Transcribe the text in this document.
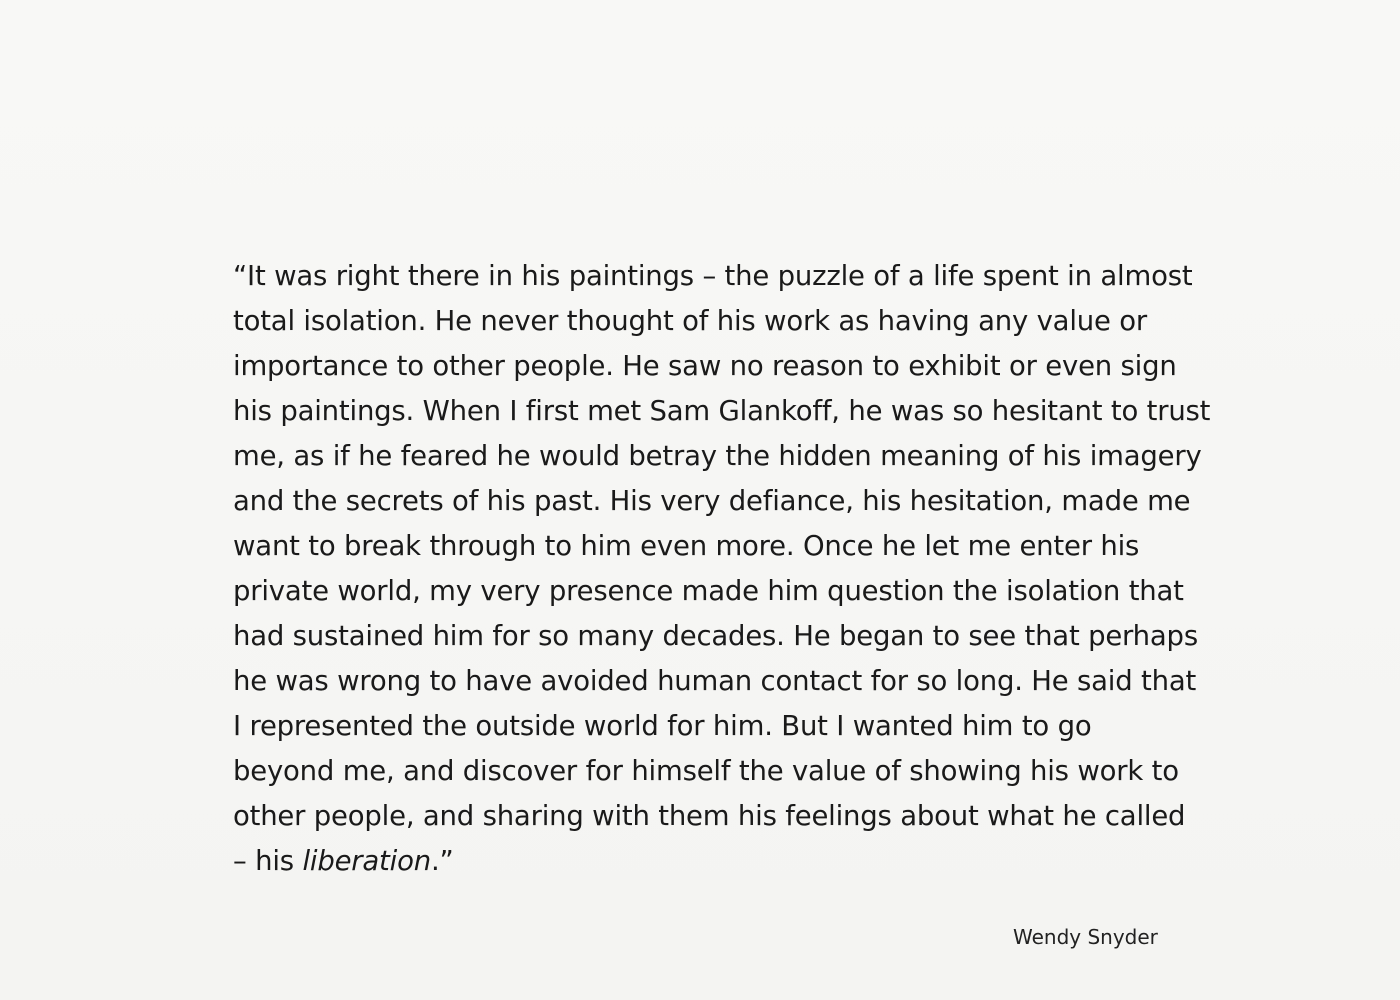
“It was right there in his paintings – the puzzle of a life spent in almost
total isolation. He never thought of his work as having any value or
importance to other people. He saw no reason to exhibit or even sign
his paintings. When I first met Sam Glankoff, he was so hesitant to trust
me, as if he feared he would betray the hidden meaning of his imagery
and the secrets of his past. His very defiance, his hesitation, made me
want to break through to him even more. Once he let me enter his
private world, my very presence made him question the isolation that
had sustained him for so many decades. He began to see that perhaps
he was wrong to have avoided human contact for so long. He said that
I represented the outside world for him. But I wanted him to go
beyond me, and discover for himself the value of showing his work to
other people, and sharing with them his feelings about what he called
– his liberation.”
Wendy Snyder
